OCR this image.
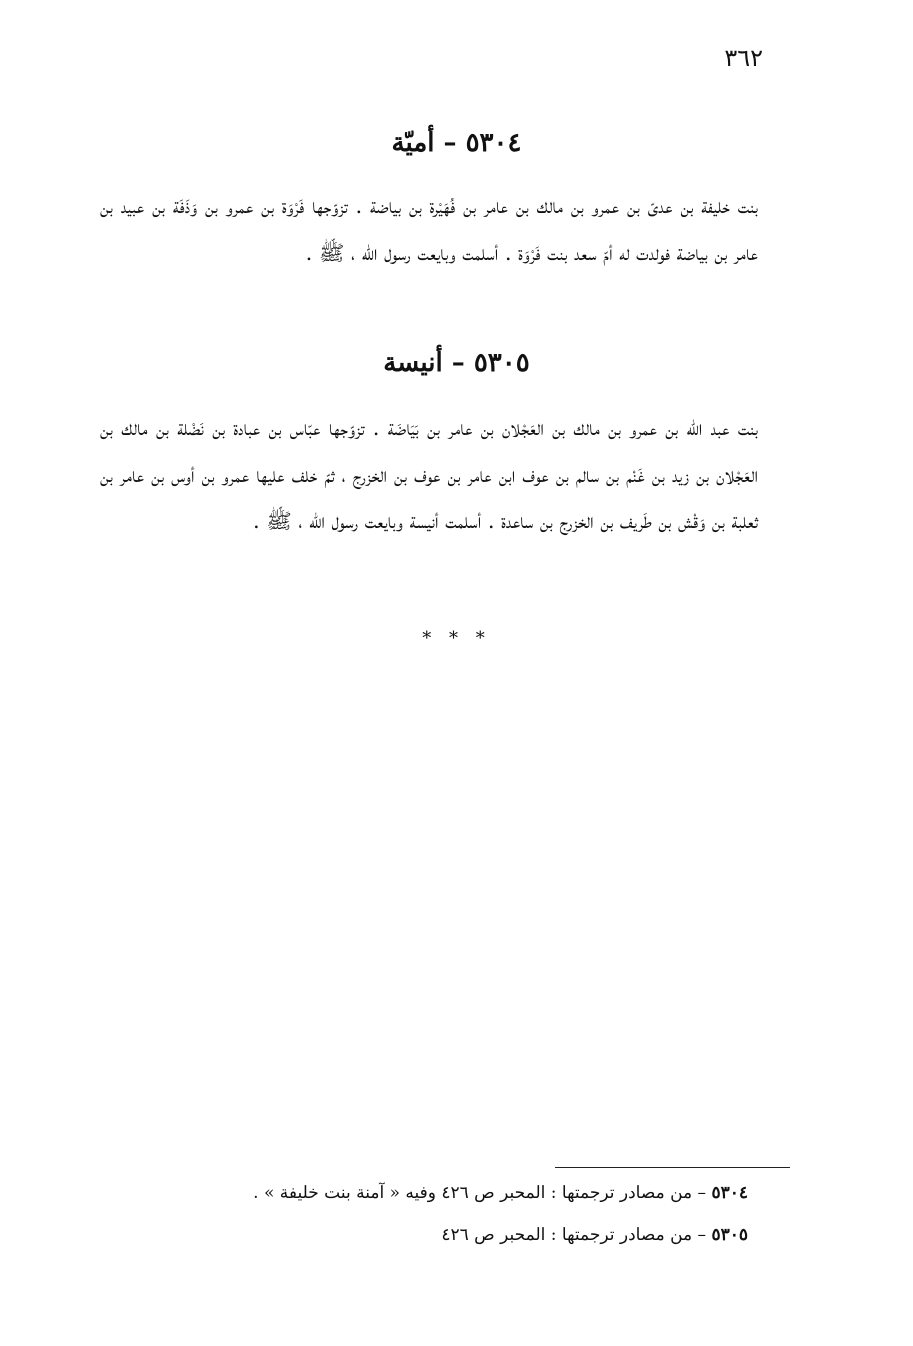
٣٦٢
٥٣٠٤ – أميّة
بنت خليفة بن عدىّ بن عمرو بن مالك بن عامر بن فُهَيْرة بن بياضة . تزوّجها فَرْوَة بن عمرو بن وَذَفَة بن عبيد بن عامر بن بياضة فولدت له أمّ سعد بنت فَرْوَة . أسلمت وبايعت رسول الله ، ﷺ .
٥٣٠٥ – أنيسة
بنت عبد الله بن عمرو بن مالك بن العَجْلان بن عامر بن بَيَاضَة . تزوّجها عبّاس بن عبادة بن نَضْلة بن مالك بن العَجْلان بن زيد بن غَنْم بن سالم بن عوف ابن عامر بن عوف بن الخزرج ، ثمّ خلف عليها عمرو بن أوس بن عامر بن ثعلبة بن وَقْش بن طَريف بن الخزرج بن ساعدة . أسلمت أنيسة وبايعت رسول الله ، ﷺ .
* * *
٥٣٠٤ – من مصادر ترجمتها : المحبر ص ٤٢٦ وفيه « آمنة بنت خليفة » .
٥٣٠٥ – من مصادر ترجمتها : المحبر ص ٤٢٦
